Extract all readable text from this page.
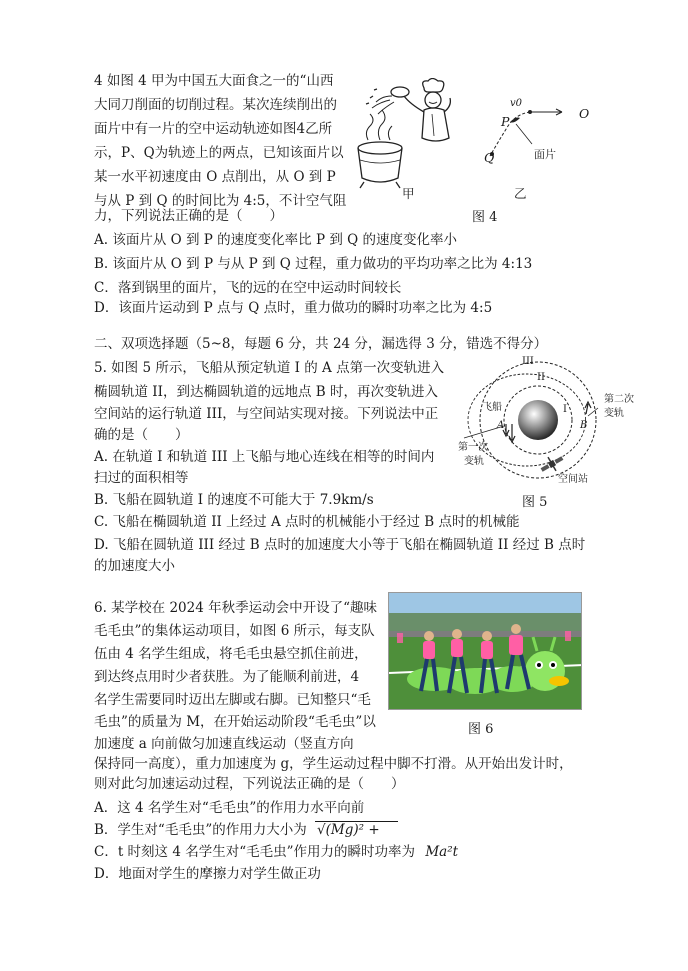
4 如图 4 甲为中国五大面食之一的“山西
大同刀削面的切削过程。某次连续削出的
面片中有一片的空中运动轨迹如图4乙所
示，P、Q为轨迹上的两点，已知该面片以
某一水平初速度由 O 点削出，从 O 到 P
与从 P 到 Q 的时间比为 4:5，不计空气阻
力，下列说法正确的是（　　）
A. 该面片从 O 到 P 的速度变化率比 P 到 Q 的速度变化率小
B. 该面片从 O 到 P 与从 P 到 Q 过程，重力做功的平均功率之比为 4:13
C．落到锅里的面片，飞的远的在空中运动时间较长
D．该面片运动到 P 点与 Q 点时，重力做功的瞬时功率之比为 4:5
甲
v0
O
P
Q	面片
乙
图 4
二、双项选择题（5~8，每题 6 分，共 24 分，漏选得 3 分，错选不得分）
5. 如图 5 所示，飞船从预定轨道 I 的 A 点第一次变轨进入
椭圆轨道 II，到达椭圆轨道的远地点 B 时，再次变轨进入
空间站的运行轨道 III，与空间站实现对接。下列说法中正
确的是（　　）
A. 在轨道 I 和轨道 III 上飞船与地心连线在相等的时间内
扫过的面积相等
B. 飞船在圆轨道 I 的速度不可能大于 7.9km/s
C. 飞船在椭圆轨道 II 上经过 A 点时的机械能小于经过 B 点时的机械能
D. 飞船在圆轨道 III 经过 B 点时的加速度大小等于飞船在椭圆轨道 II 经过 B 点时
的加速度大小
III
II
I
飞船
A	B
第一次
变轨
第二次
变轨
空间站
图 5
6. 某学校在 2024 年秋季运动会中开设了“趣味
毛毛虫”的集体运动项目，如图 6 所示，每支队
伍由 4 名学生组成，将毛毛虫悬空抓住前进，
到达终点用时少者获胜。为了能顺利前进，4
名学生需要同时迈出左脚或右脚。已知整只“毛
毛虫”的质量为 M，在开始运动阶段“毛毛虫”以
加速度 a 向前做匀加速直线运动（竖直方向
保持同一高度），重力加速度为 g，学生运动过程中脚不打滑。从开始出发计时，
则对此匀加速运动过程，下列说法正确的是（　　）
A．这 4 名学生对“毛毛虫”的作用力水平向前
B．学生对“毛毛虫”的作用力大小为 √(Mg)² +
C．t 时刻这 4 名学生对“毛毛虫”作用力的瞬时功率为 Ma²t
D．地面对学生的摩擦力对学生做正功
图 6
